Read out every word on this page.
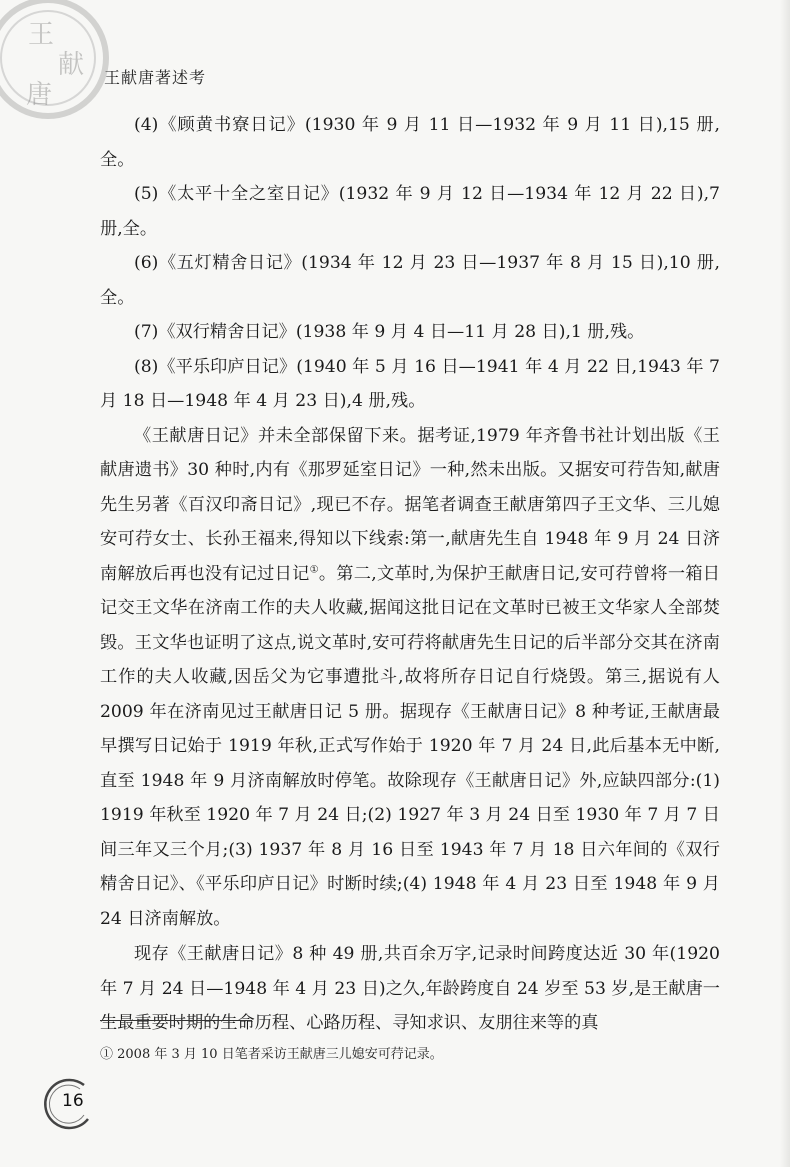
王
献
唐
王献唐著述考

(4)《顾黄书寮日记》(1930 年 9 月 11 日—1932 年 9 月 11 日),15 册,全。

(5)《太平十全之室日记》(1932 年 9 月 12 日—1934 年 12 月 22 日),7 册,全。

(6)《五灯精舍日记》(1934 年 12 月 23 日—1937 年 8 月 15 日),10 册,全。

(7)《双行精舍日记》(1938 年 9 月 4 日—11 月 28 日),1 册,残。

(8)《平乐印庐日记》(1940 年 5 月 16 日—1941 年 4 月 22 日,1943 年 7 月 18 日—1948 年 4 月 23 日),4 册,残。

《王献唐日记》并未全部保留下来。据考证,1979 年齐鲁书社计划出版《王献唐遗书》30 种时,内有《那罗延室日记》一种,然未出版。又据安可荇告知,献唐先生另著《百汉印斋日记》,现已不存。据笔者调查王献唐第四子王文华、三儿媳安可荇女士、长孙王福来,得知以下线索:第一,献唐先生自 1948 年 9 月 24 日济南解放后再也没有记过日记①。第二,文革时,为保护王献唐日记,安可荇曾将一箱日记交王文华在济南工作的夫人收藏,据闻这批日记在文革时已被王文华家人全部焚毁。王文华也证明了这点,说文革时,安可荇将献唐先生日记的后半部分交其在济南工作的夫人收藏,因岳父为它事遭批斗,故将所存日记自行烧毁。第三,据说有人 2009 年在济南见过王献唐日记 5 册。据现存《王献唐日记》8 种考证,王献唐最早撰写日记始于 1919 年秋,正式写作始于 1920 年 7 月 24 日,此后基本无中断,直至 1948 年 9 月济南解放时停笔。故除现存《王献唐日记》外,应缺四部分:(1) 1919 年秋至 1920 年 7 月 24 日;(2) 1927 年 3 月 24 日至 1930 年 7 月 7 日间三年又三个月;(3) 1937 年 8 月 16 日至 1943 年 7 月 18 日六年间的《双行精舍日记》、《平乐印庐日记》时断时续;(4) 1948 年 4 月 23 日至 1948 年 9 月 24 日济南解放。

现存《王献唐日记》8 种 49 册,共百余万字,记录时间跨度达近 30 年(1920 年 7 月 24 日—1948 年 4 月 23 日)之久,年龄跨度自 24 岁至 53 岁,是王献唐一生最重要时期的生命历程、心路历程、寻知求识、友朋往来等的真

① 2008 年 3 月 10 日笔者采访王献唐三儿媳安可荇记录。
16
